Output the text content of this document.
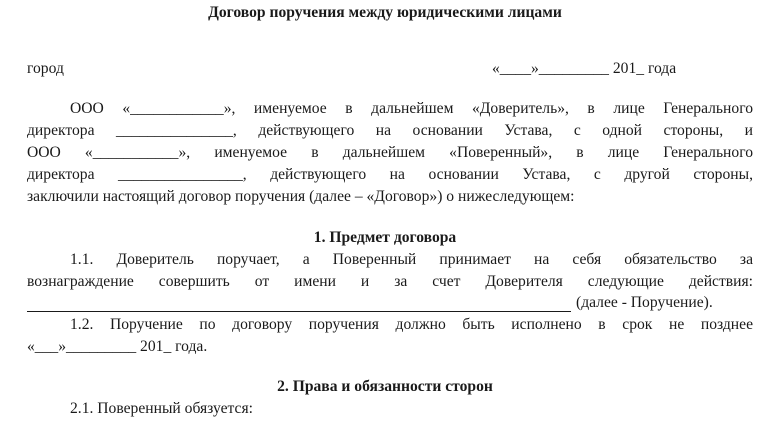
Договор поручения между юридическими лицами
город	«____»_________ 201_ года
ООО «____________», именуемое в дальнейшем «Доверитель», в лице Генерального
директора _______________, действующего на основании Устава, с одной стороны, и
ООО «___________», именуемое в дальнейшем «Поверенный», в лице Генерального
директора ________________, действующего на основании Устава, с другой стороны,
заключили настоящий договор поручения (далее – «Договор») о нижеследующем:
1. Предмет договора
1.1. Доверитель поручает, а Поверенный принимает на себя обязательство за
вознаграждение совершить от имени и за счет Доверителя следующие действия:
(далее - Поручение).
1.2. Поручение по договору поручения должно быть исполнено в срок не позднее
«___»_________ 201_ года.
2. Права и обязанности сторон
2.1. Поверенный обязуется:
